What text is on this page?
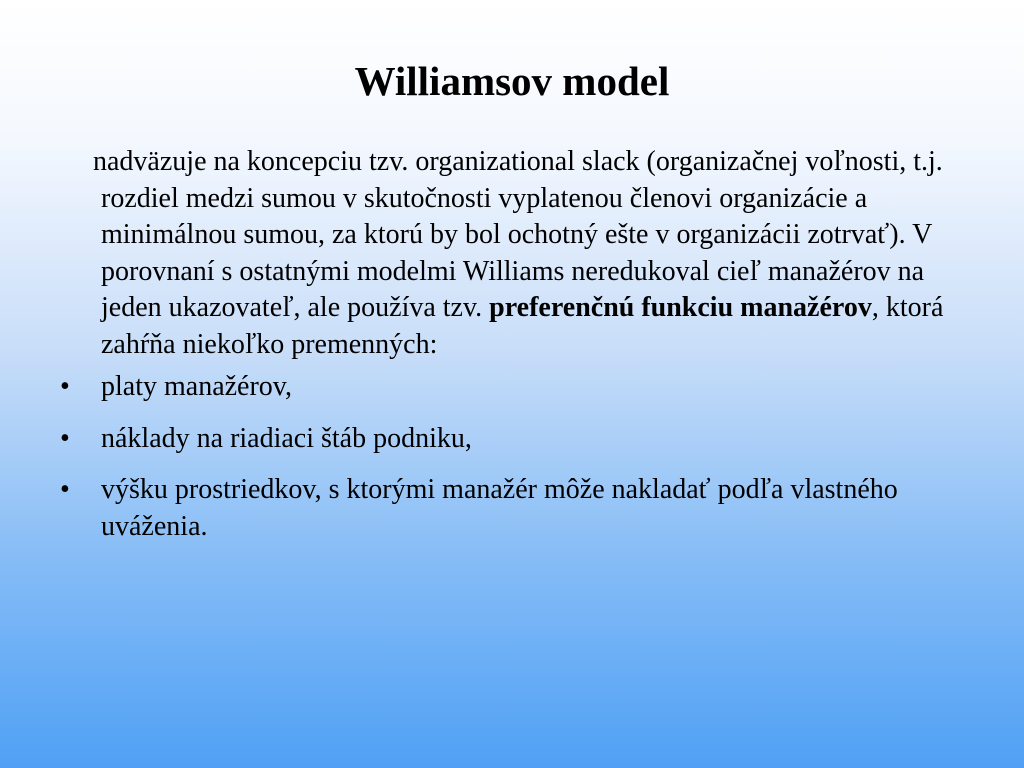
Williamsov model

nadväzuje na koncepciu tzv. organizational slack (organizačnej voľnosti, t.j. rozdiel medzi sumou v skutočnosti vyplatenou členovi organizácie a minimálnou sumou, za ktorú by bol ochotný ešte v organizácii zotrvať). V porovnaní s ostatnými modelmi Williams neredukoval cieľ manažérov na jeden ukazovateľ, ale používa tzv. preferenčnú funkciu manažérov, ktorá zahŕňa niekoľko premenných:

• platy manažérov,
• náklady na riadiaci štáb podniku,
• výšku prostriedkov, s ktorými manažér môže nakladať podľa vlastného uváženia.
